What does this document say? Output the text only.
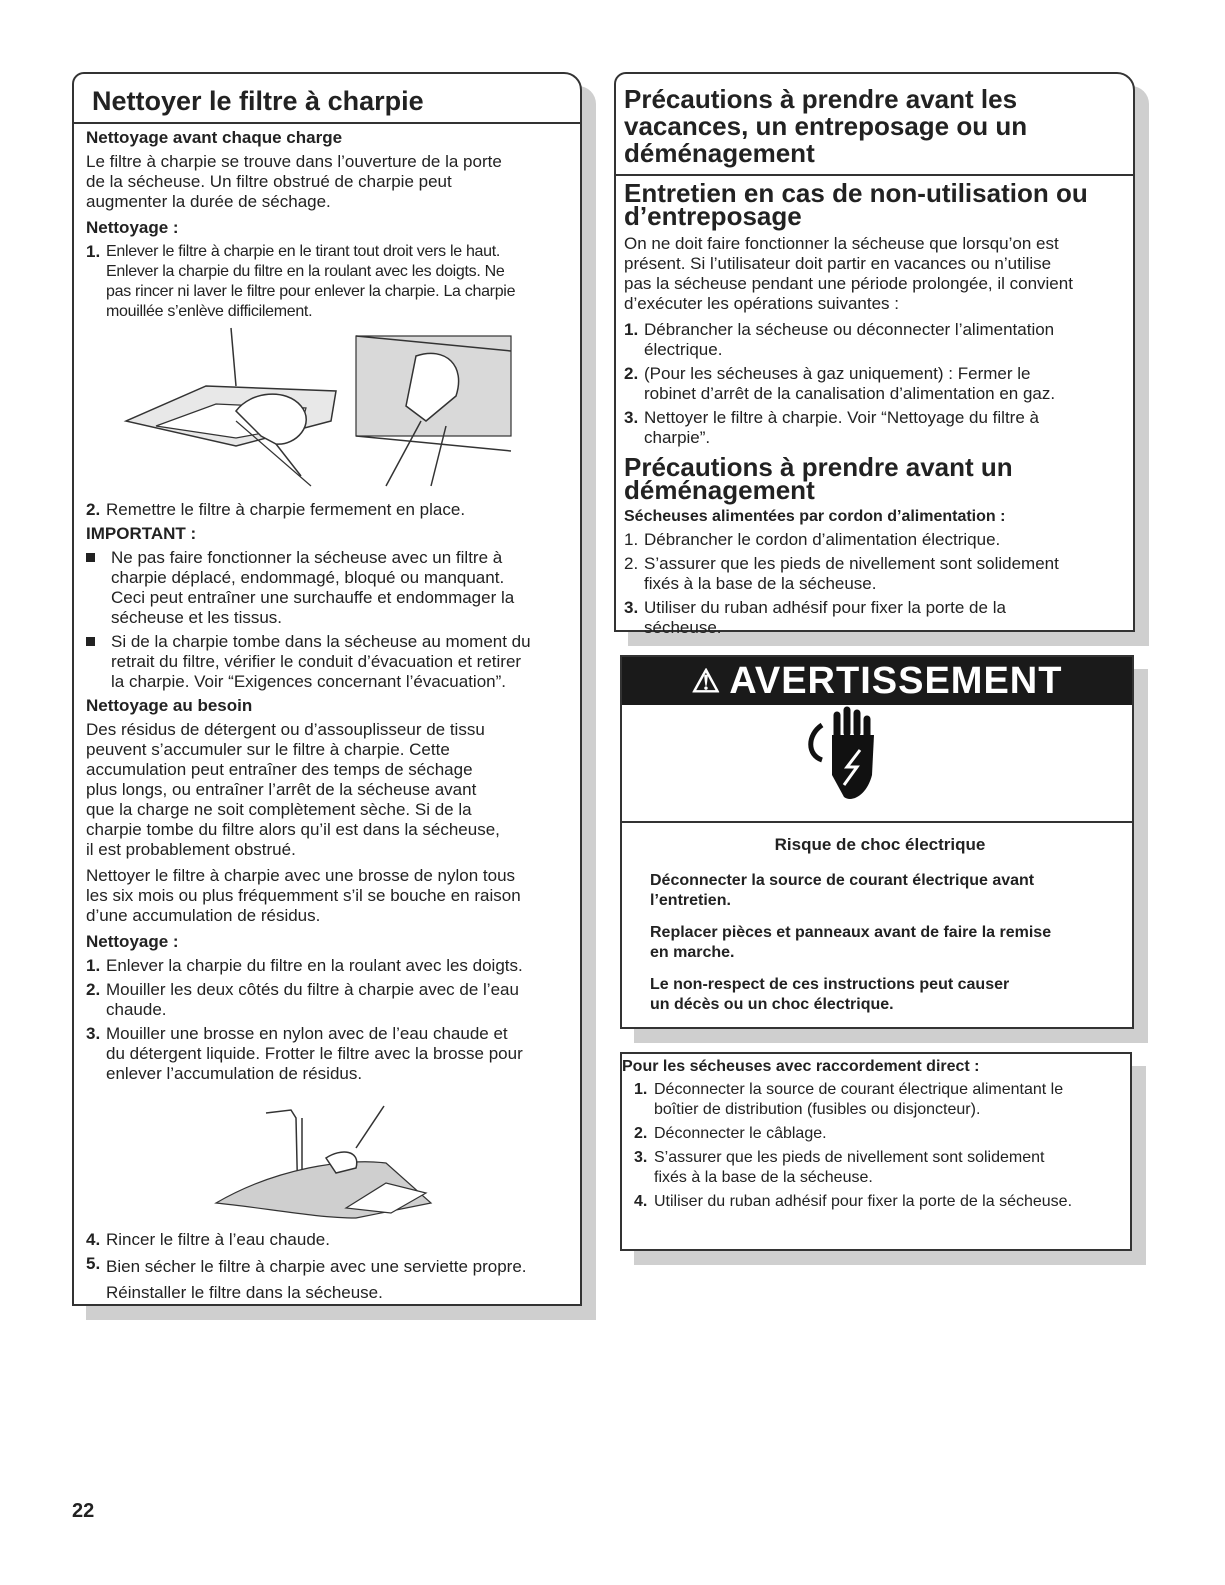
Nettoyer le filtre à charpie

Nettoyage avant chaque charge

Le filtre à charpie se trouve dans l’ouverture de la porte
de la sécheuse. Un filtre obstrué de charpie peut
augmenter la durée de séchage.

Nettoyage :

1. Enlever le filtre à charpie en le tirant tout droit vers le haut.
Enlever la charpie du filtre en la roulant avec les doigts. Ne
pas rincer ni laver le filtre pour enlever la charpie. La charpie
mouillée s’enlève difficilement.
2. Remettre le filtre à charpie fermement en place.

IMPORTANT :

Ne pas faire fonctionner la sécheuse avec un filtre à
charpie déplacé, endommagé, bloqué ou manquant.
Ceci peut entraîner une surchauffe et endommager la
sécheuse et les tissus.
Si de la charpie tombe dans la sécheuse au moment du
retrait du filtre, vérifier le conduit d’évacuation et retirer
la charpie. Voir “Exigences concernant l’évacuation”.

Nettoyage au besoin

Des résidus de détergent ou d’assouplisseur de tissu
peuvent s’accumuler sur le filtre à charpie. Cette
accumulation peut entraîner des temps de séchage
plus longs, ou entraîner l’arrêt de la sécheuse avant
que la charge ne soit complètement sèche. Si de la
charpie tombe du filtre alors qu’il est dans la sécheuse,
il est probablement obstrué.

Nettoyer le filtre à charpie avec une brosse de nylon tous
les six mois ou plus fréquemment s’il se bouche en raison
d’une accumulation de résidus.

Nettoyage :

1. Enlever la charpie du filtre en la roulant avec les doigts.
2. Mouiller les deux côtés du filtre à charpie avec de l’eau
chaude.
3. Mouiller une brosse en nylon avec de l’eau chaude et
du détergent liquide. Frotter le filtre avec la brosse pour
enlever l’accumulation de résidus.
4. Rincer le filtre à l’eau chaude.
5. Bien sécher le filtre à charpie avec une serviette propre.
Réinstaller le filtre dans la sécheuse.
Précautions à prendre avant les
vacances, un entreposage ou un
déménagement
Entretien en cas de non-utilisation ou
d’entreposage

On ne doit faire fonctionner la sécheuse que lorsqu’on est
présent. Si l’utilisateur doit partir en vacances ou n’utilise
pas la sécheuse pendant une période prolongée, il convient
d’exécuter les opérations suivantes :

1. Débrancher la sécheuse ou déconnecter l’alimentation
électrique.
2. (Pour les sécheuses à gaz uniquement) : Fermer le
robinet d’arrêt de la canalisation d’alimentation en gaz.
3. Nettoyer le filtre à charpie. Voir “Nettoyage du filtre à
charpie”.
Précautions à prendre avant un
déménagement

Sécheuses alimentées par cordon d’alimentation :

1. Débrancher le cordon d’alimentation électrique.
2. S’assurer que les pieds de nivellement sont solidement
fixés à la base de la sécheuse.
3. Utiliser du ruban adhésif pour fixer la porte de la
sécheuse.
⚠ AVERTISSEMENT

Risque de choc électrique

Déconnecter la source de courant électrique avant
l’entretien.

Replacer pièces et panneaux avant de faire la remise
en marche.

Le non-respect de ces instructions peut causer
un décès ou un choc électrique.

Pour les sécheuses avec raccordement direct :

1. Déconnecter la source de courant électrique alimentant le
boîtier de distribution (fusibles ou disjoncteur).
2. Déconnecter le câblage.
3. S’assurer que les pieds de nivellement sont solidement
fixés à la base de la sécheuse.
4. Utiliser du ruban adhésif pour fixer la porte de la sécheuse.
22
